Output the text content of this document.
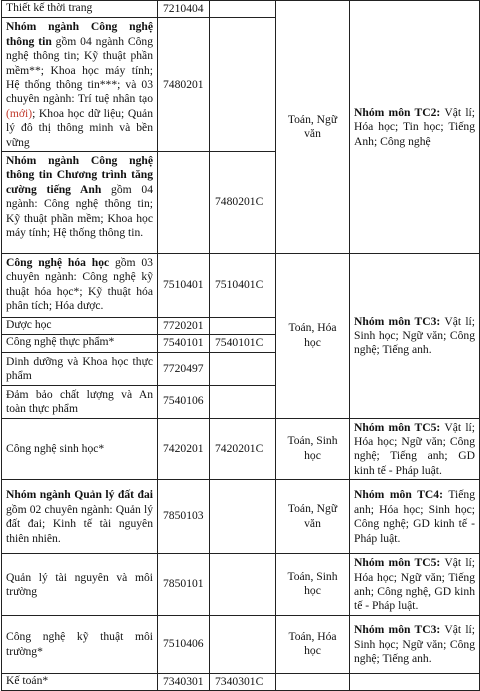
Thiết kế thời trang	7210404		Toán, Ngữ văn	Nhóm môn TC2: Vật lí; Hóa học; Tin học; Tiếng Anh; Công nghệ
Nhóm ngành Công nghệ thông tin gồm 04 ngành Công nghệ thông tin; Kỹ thuật phần mềm**; Khoa học máy tính; Hệ thống thông tin***; và 03 chuyên ngành: Trí tuệ nhân tạo (mới); Khoa học dữ liệu; Quản lý đô thị thông minh và bền vững	7480201			
Nhóm ngành Công nghệ thông tin Chương trình tăng cường tiếng Anh gồm 04 ngành: Công nghệ thông tin; Kỹ thuật phần mềm; Khoa học máy tính; Hệ thống thông tin.		7480201C		
Công nghệ hóa học gồm 03 chuyên ngành: Công nghệ kỹ thuật hóa học*; Kỹ thuật hóa phân tích; Hóa dược.	7510401	7510401C	Toán, Hóa học	Nhóm môn TC3: Vật lí; Sinh học; Ngữ văn; Công nghệ; Tiếng anh.
Dược học	7720201			
Công nghệ thực phẩm*	7540101	7540101C		
Dinh dưỡng và Khoa học thực phẩm	7720497			
Đảm bảo chất lượng và An toàn thực phẩm	7540106			
Công nghệ sinh học*	7420201	7420201C	Toán, Sinh học	Nhóm môn TC5: Vật lí; Hóa học; Ngữ văn; Công nghệ; Tiếng anh; GD kinh tế - Pháp luật.
Nhóm ngành Quản lý đất đai gồm 02 chuyên ngành: Quản lý đất đai; Kinh tế tài nguyên thiên nhiên.	7850103		Toán, Ngữ văn	Nhóm môn TC4: Tiếng anh; Hóa học; Sinh học; Công nghệ; GD kinh tế - Pháp luật.
Quản lý tài nguyên và môi trường	7850101		Toán, Sinh học	Nhóm môn TC5: Vật lí; Hóa học; Ngữ văn; Tiếng anh; Công nghệ, GD kinh tế - Pháp luật.
Công nghệ kỹ thuật môi trường*	7510406		Toán, Hóa học	Nhóm môn TC3: Vật lí; Sinh học; Ngữ văn; Công nghệ; Tiếng anh.
Kế toán*	7340301	7340301C		
